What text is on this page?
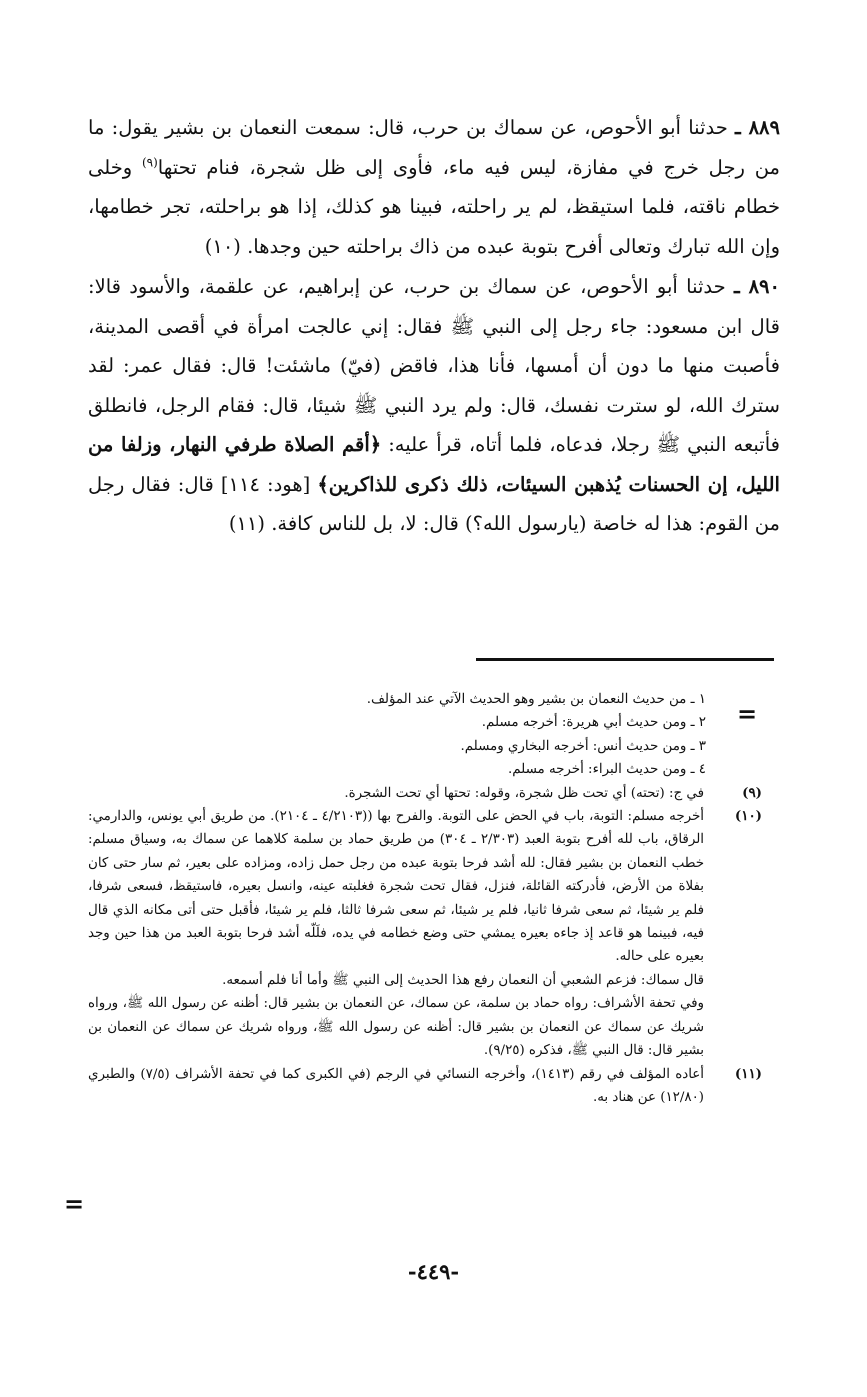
٨٨٩ ـ حدثنا أبو الأحوص، عن سماك بن حرب، قال: سمعت النعمان بن بشير يقول: ما من رجل خرج في مفازة، ليس فيه ماء، فأوى إلى ظل شجرة، فنام تحتها$^{(٩)}$ وخلى خطام ناقته، فلما استيقظ، لم ير راحلته، فبينا هو كذلك، إذا هو براحلته، تجر خطامها، وإن الله تبارك وتعالى أفرح بتوبة عبده من ذاك براحلته حين وجدها. (١٠)

٨٩٠ ـ حدثنا أبو الأحوص، عن سماك بن حرب، عن إبراهيم، عن علقمة، والأسود قالا: قال ابن مسعود: جاء رجل إلى النبي ﷺ فقال: إني عالجت امرأة في أقصى المدينة، فأصبت منها ما دون أن أمسها، فأنا هذا، فاقض (فيّ) ماشئت! قال: فقال عمر: لقد سترك الله، لو سترت نفسك، قال: ولم يرد النبي ﷺ شيئا، قال: فقام الرجل، فانطلق فأتبعه النبي ﷺ رجلا، فدعاه، فلما أتاه، قرأ عليه: ﴿أقم الصلاة طرفي النهار، وزلفا من الليل، إن الحسنات يُذهبن السيئات، ذلك ذكرى للذاكرين﴾ [هود: ١١٤] قال: فقال رجل من القوم: هذا له خاصة (يارسول الله؟) قال: لا، بل للناس كافة. (١١)

=
١ ـ من حديث النعمان بن بشير وهو الحديث الآتي عند المؤلف.
٢ ـ ومن حديث أبي هريرة: أخرجه مسلم.
٣ ـ ومن حديث أنس: أخرجه البخاري ومسلم.
٤ ـ ومن حديث البراء: أخرجه مسلم.
(٩)
في ج: (تحته) أي تحت ظل شجرة، وقوله: تحتها أي تحت الشجرة.
(١٠)
أخرجه مسلم: التوبة، باب في الحض على التوبة. والفرح بها ((٤/٢١٠٣ ـ ٢١٠٤). من طريق أبي يونس، والدارمي: الرقاق، باب لله أفرح بتوبة العبد (٢/٣٠٣ ـ ٣٠٤) من طريق حماد بن سلمة كلاهما عن سماك به، وسياق مسلم: خطب النعمان بن بشير فقال: لله أشد فرحا بتوبة عبده من رجل حمل زاده، ومزاده على بعير، ثم سار حتى كان بفلاة من الأرض، فأدركته القائلة، فنزل، فقال تحت شجرة فغلبته عينه، وانسل بعيره، فاستيقظ، فسعى شرفا، فلم ير شيئا، ثم سعى شرفا ثانيا، فلم ير شيئا، ثم سعى شرفا ثالثا، فلم ير شيئا، فأقبل حتى أتى مكانه الذي قال فيه، فبينما هو قاعد إذ جاءه بعيره يمشي حتى وضع خطامه في يده، فلَلّه أشد فرحا بتوبة العبد من هذا حين وجد بعيره على حاله.
قال سماك: فزعم الشعبي أن النعمان رفع هذا الحديث إلى النبي ﷺ وأما أنا فلم أسمعه.
وفي تحفة الأشراف: رواه حماد بن سلمة، عن سماك، عن النعمان بن بشير قال: أظنه عن رسول الله ﷺ، ورواه شريك عن سماك عن النعمان بن بشير قال: أظنه عن رسول الله ﷺ، ورواه شريك عن سماك عن النعمان بن بشير قال: قال النبي ﷺ، فذكره (٩/٢٥).
(١١)
أعاده المؤلف في رقم (١٤١٣)، وأخرجه النسائي في الرجم (في الكبرى كما في تحفة الأشراف (٧/٥) والطبري (١٢/٨٠) عن هناد به.
=
-٤٤٩-
